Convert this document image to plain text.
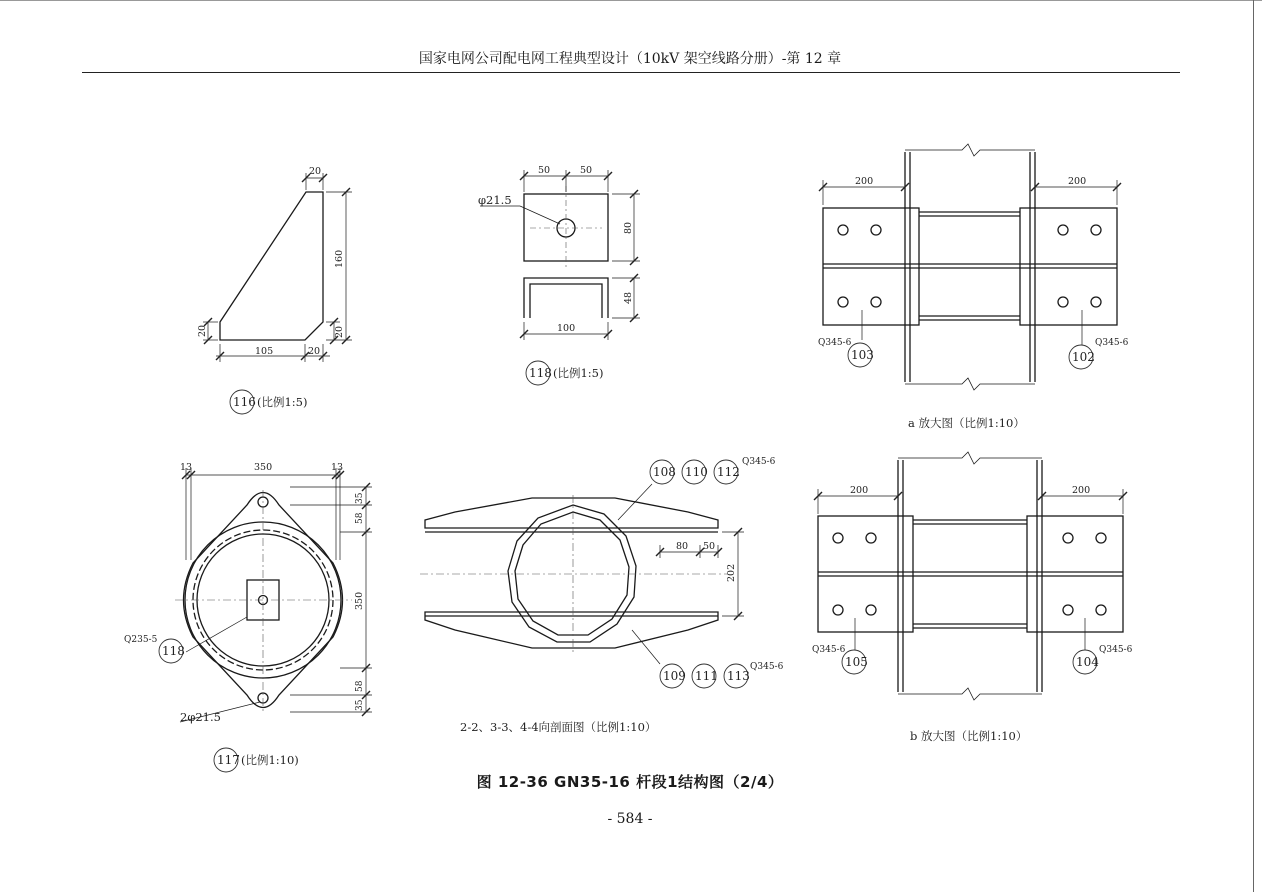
国家电网公司配电网工程典型设计（10kV 架空线路分册）-第 12 章
20
160
20	20
105	20
116 (比例1:5)
50	50
φ21.5
80
48
100
118 (比例1:5)
13	350	13
35
58
350
58
35
Q235-5
118
2φ21.5
117 (比例1:10)
80 50
202
108 110 112
Q345-6
109 111 113
Q345-6
2-2、3-3、4-4向剖面图（比例1:10）
200	200
Q345-6
103	102
Q345-6
a 放大图（比例1:10）
200	200
Q345-6
105	104
Q345-6
b 放大图（比例1:10）
图 12-36 GN35-16 杆段1结构图（2/4）
- 584 -
